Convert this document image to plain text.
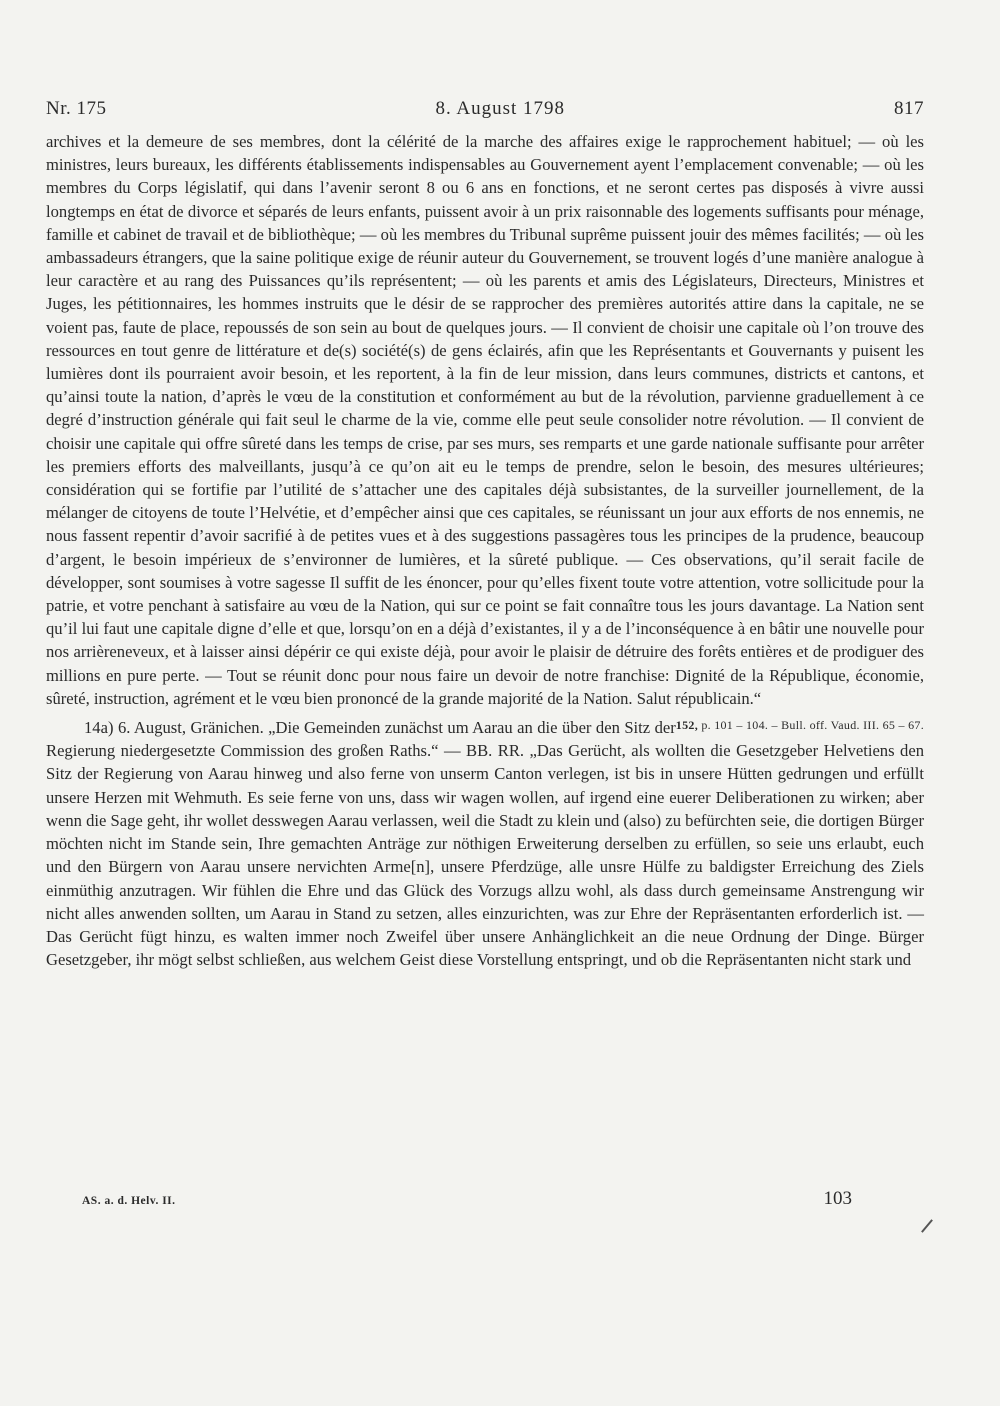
Nr. 175	8. August 1798	817

archives et la demeure de ses membres, dont la célérité de la marche des affaires exige le rapprochement habituel; — où les ministres, leurs bureaux, les différents établissements indispensables au Gouvernement ayent l’emplacement convenable; — où les membres du Corps législatif, qui dans l’avenir seront 8 ou 6 ans en fonctions, et ne seront certes pas disposés à vivre aussi longtemps en état de divorce et séparés de leurs enfants, puissent avoir à un prix raisonnable des logements suffisants pour ménage, famille et cabinet de travail et de bibliothèque; — où les membres du Tribunal suprême puissent jouir des mêmes facilités; — où les ambassadeurs étrangers, que la saine politique exige de réunir auteur du Gouvernement, se trouvent logés d’une manière analogue à leur caractère et au rang des Puissances qu’ils représentent; — où les parents et amis des Législateurs, Directeurs, Ministres et Juges, les pétitionnaires, les hommes instruits que le désir de se rapprocher des premières autorités attire dans la capitale, ne se voient pas, faute de place, repoussés de son sein au bout de quelques jours. — Il convient de choisir une capitale où l’on trouve des ressources en tout genre de littérature et de(s) société(s) de gens éclairés, afin que les Représentants et Gouvernants y puisent les lumières dont ils pourraient avoir besoin, et les reportent, à la fin de leur mission, dans leurs communes, districts et cantons, et qu’ainsi toute la nation, d’après le vœu de la constitution et conformément au but de la révolution, parvienne graduellement à ce degré d’instruction générale qui fait seul le charme de la vie, comme elle peut seule consolider notre révolution. — Il convient de choisir une capitale qui offre sûreté dans les temps de crise, par ses murs, ses remparts et une garde nationale suffisante pour arrêter les premiers efforts des malveillants, jusqu’à ce qu’on ait eu le temps de prendre, selon le besoin, des mesures ultérieures; considération qui se fortifie par l’utilité de s’attacher une des capitales déjà subsistantes, de la surveiller journellement, de la mélanger de citoyens de toute l’Helvétie, et d’empêcher ainsi que ces capitales, se réunissant un jour aux efforts de nos ennemis, ne nous fassent repentir d’avoir sacrifié à de petites vues et à des suggestions passagères tous les principes de la prudence, beaucoup d’argent, le besoin impérieux de s’environner de lumières, et la sûreté publique. — Ces observations, qu’il serait facile de développer, sont soumises à votre sagesse Il suffit de les énoncer, pour qu’elles fixent toute votre attention, votre sollicitude pour la patrie, et votre penchant à satisfaire au vœu de la Nation, qui sur ce point se fait connaître tous les jours davantage. La Nation sent qu’il lui faut une capitale digne d’elle et que, lorsqu’on en a déjà d’existantes, il y a de l’inconséquence à en bâtir une nouvelle pour nos arrièreneveux, et à laisser ainsi dépérir ce qui existe déjà, pour avoir le plaisir de détruire des forêts entières et de prodiguer des millions en pure perte. — Tout se réunit donc pour nous faire un devoir de notre franchise: Dignité de la République, économie, sûreté, instruction, agrément et le vœu bien prononcé de la grande majorité de la Nation. Salut républicain.“
152, p. 101 – 104. – Bull. off. Vaud. III. 65 – 67.

14a) 6. August, Gränichen. „Die Gemeinden zunächst um Aarau an die über den Sitz der Regierung niedergesetzte Commission des großen Raths.“ — BB. RR. „Das Gerücht, als wollten die Gesetzgeber Helvetiens den Sitz der Regierung von Aarau hinweg und also ferne von unserm Canton verlegen, ist bis in unsere Hütten gedrungen und erfüllt unsere Herzen mit Wehmuth. Es seie ferne von uns, dass wir wagen wollen, auf irgend eine euerer Deliberationen zu wirken; aber wenn die Sage geht, ihr wollet desswegen Aarau verlassen, weil die Stadt zu klein und (also) zu befürchten seie, die dortigen Bürger möchten nicht im Stande sein, Ihre gemachten Anträge zur nöthigen Erweiterung derselben zu erfüllen, so seie uns erlaubt, euch und den Bürgern von Aarau unsere nervichten Arme[n], unsere Pferdzüge, alle unsre Hülfe zu baldigster Erreichung des Ziels einmüthig anzutragen. Wir fühlen die Ehre und das Glück des Vorzugs allzu wohl, als dass durch gemeinsame Anstrengung wir nicht alles anwenden sollten, um Aarau in Stand zu setzen, alles einzurichten, was zur Ehre der Repräsentanten erforderlich ist. — Das Gerücht fügt hinzu, es walten immer noch Zweifel über unsere Anhänglichkeit an die neue Ordnung der Dinge. Bürger Gesetzgeber, ihr mögt selbst schließen, aus welchem Geist diese Vorstellung entspringt, und ob die Repräsentanten nicht stark und

AS. a. d. Helv. II.	103
